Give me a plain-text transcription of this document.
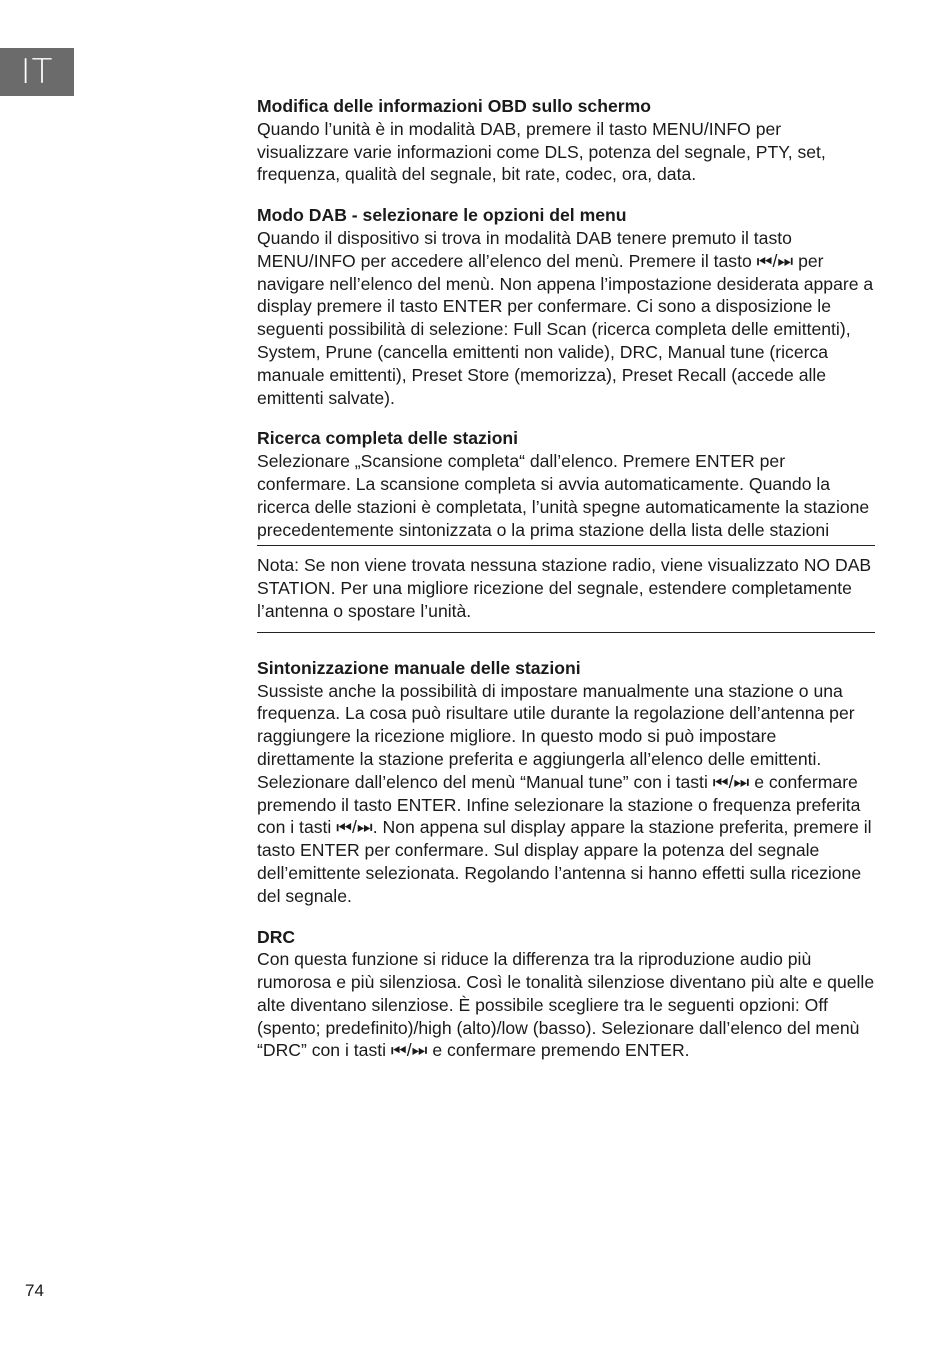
IT

Modifica delle informazioni OBD sullo schermo

Quando l’unità è in modalità DAB, premere il tasto MENU/INFO per visualizzare varie informazioni come DLS, potenza del segnale, PTY, set, frequenza, qualità del segnale, bit rate, codec, ora, data.

Modo DAB - selezionare le opzioni del menu

Quando il dispositivo si trova in modalità DAB tenere premuto il tasto MENU/INFO per accedere all’elenco del menù. Premere il tasto ⏮/⏭ per navigare nell’elenco del menù. Non appena l’impostazione desiderata appare a display premere il tasto ENTER per confermare. Ci sono a disposizione le seguenti possibilità di selezione: Full Scan (ricerca completa delle emittenti), System, Prune (cancella emittenti non valide), DRC, Manual tune (ricerca manuale emittenti), Preset Store (memorizza), Preset Recall (accede alle emittenti salvate).

Ricerca completa delle stazioni

Selezionare „Scansione completa“ dall’elenco. Premere ENTER per confermare. La scansione completa si avvia automaticamente. Quando la ricerca delle stazioni è completata, l’unità spegne automaticamente la stazione precedentemente sintonizzata o la prima stazione della lista delle stazioni

Nota: Se non viene trovata nessuna stazione radio, viene visualizzato NO DAB STATION. Per una migliore ricezione del segnale, estendere completamente l’antenna o spostare l’unità.

Sintonizzazione manuale delle stazioni

Sussiste anche la possibilità di impostare manualmente una stazione o una frequenza. La cosa può risultare utile durante la regolazione dell’antenna per raggiungere la ricezione migliore. In questo modo si può impostare direttamente la stazione preferita e aggiungerla all’elenco delle emittenti. Selezionare dall’elenco del menù “Manual tune” con i tasti ⏮/⏭ e confermare premendo il tasto ENTER. Infine selezionare la stazione o frequenza preferita con i tasti ⏮/⏭. Non appena sul display appare la stazione preferita, premere il tasto ENTER per confermare. Sul display appare la potenza del segnale dell’emittente selezionata. Regolando l’antenna si hanno effetti sulla ricezione del segnale.

DRC

Con questa funzione si riduce la differenza tra la riproduzione audio più rumorosa e più silenziosa. Così le tonalità silenziose diventano più alte e quelle alte diventano silenziose. È possibile scegliere tra le seguenti opzioni: Off (spento; predefinito)/high (alto)/low (basso). Selezionare dall’elenco del menù “DRC” con i tasti ⏮/⏭ e confermare premendo ENTER.

74
